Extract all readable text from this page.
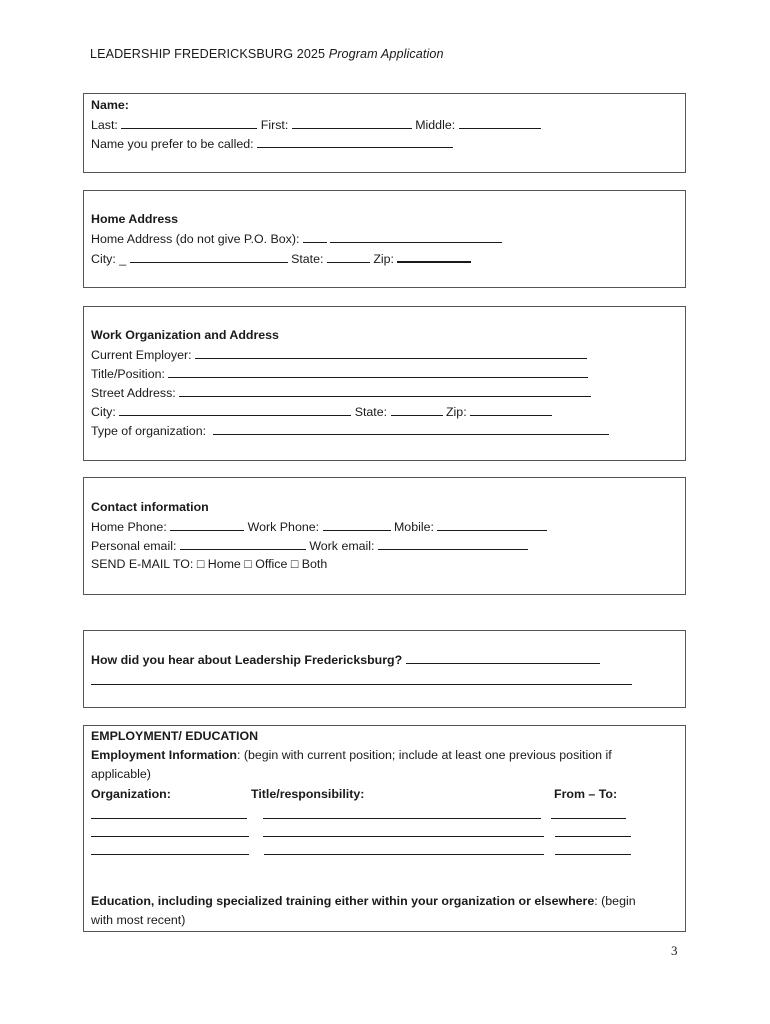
LEADERSHIP FREDERICKSBURG 2025 Program Application
Name:
Last:	First:	Middle:
Name you prefer to be called:
Home Address
Home Address (do not give P.O. Box):
City: _	State:	Zip:
Work Organization and Address
Current Employer:
Title/Position:
Street Address:
City:	State:	Zip:
Type of organization:
Contact information
Home Phone:	Work Phone:	Mobile:
Personal email:	Work email:
SEND E-MAIL TO: □ Home □ Office □ Both
How did you hear about Leadership Fredericksburg?
EMPLOYMENT/ EDUCATION
Employment Information: (begin with current position; include at least one previous position if
applicable)
Organization:	Title/responsibility:	From – To:
Education, including specialized training either within your organization or elsewhere: (begin
with most recent)
3
